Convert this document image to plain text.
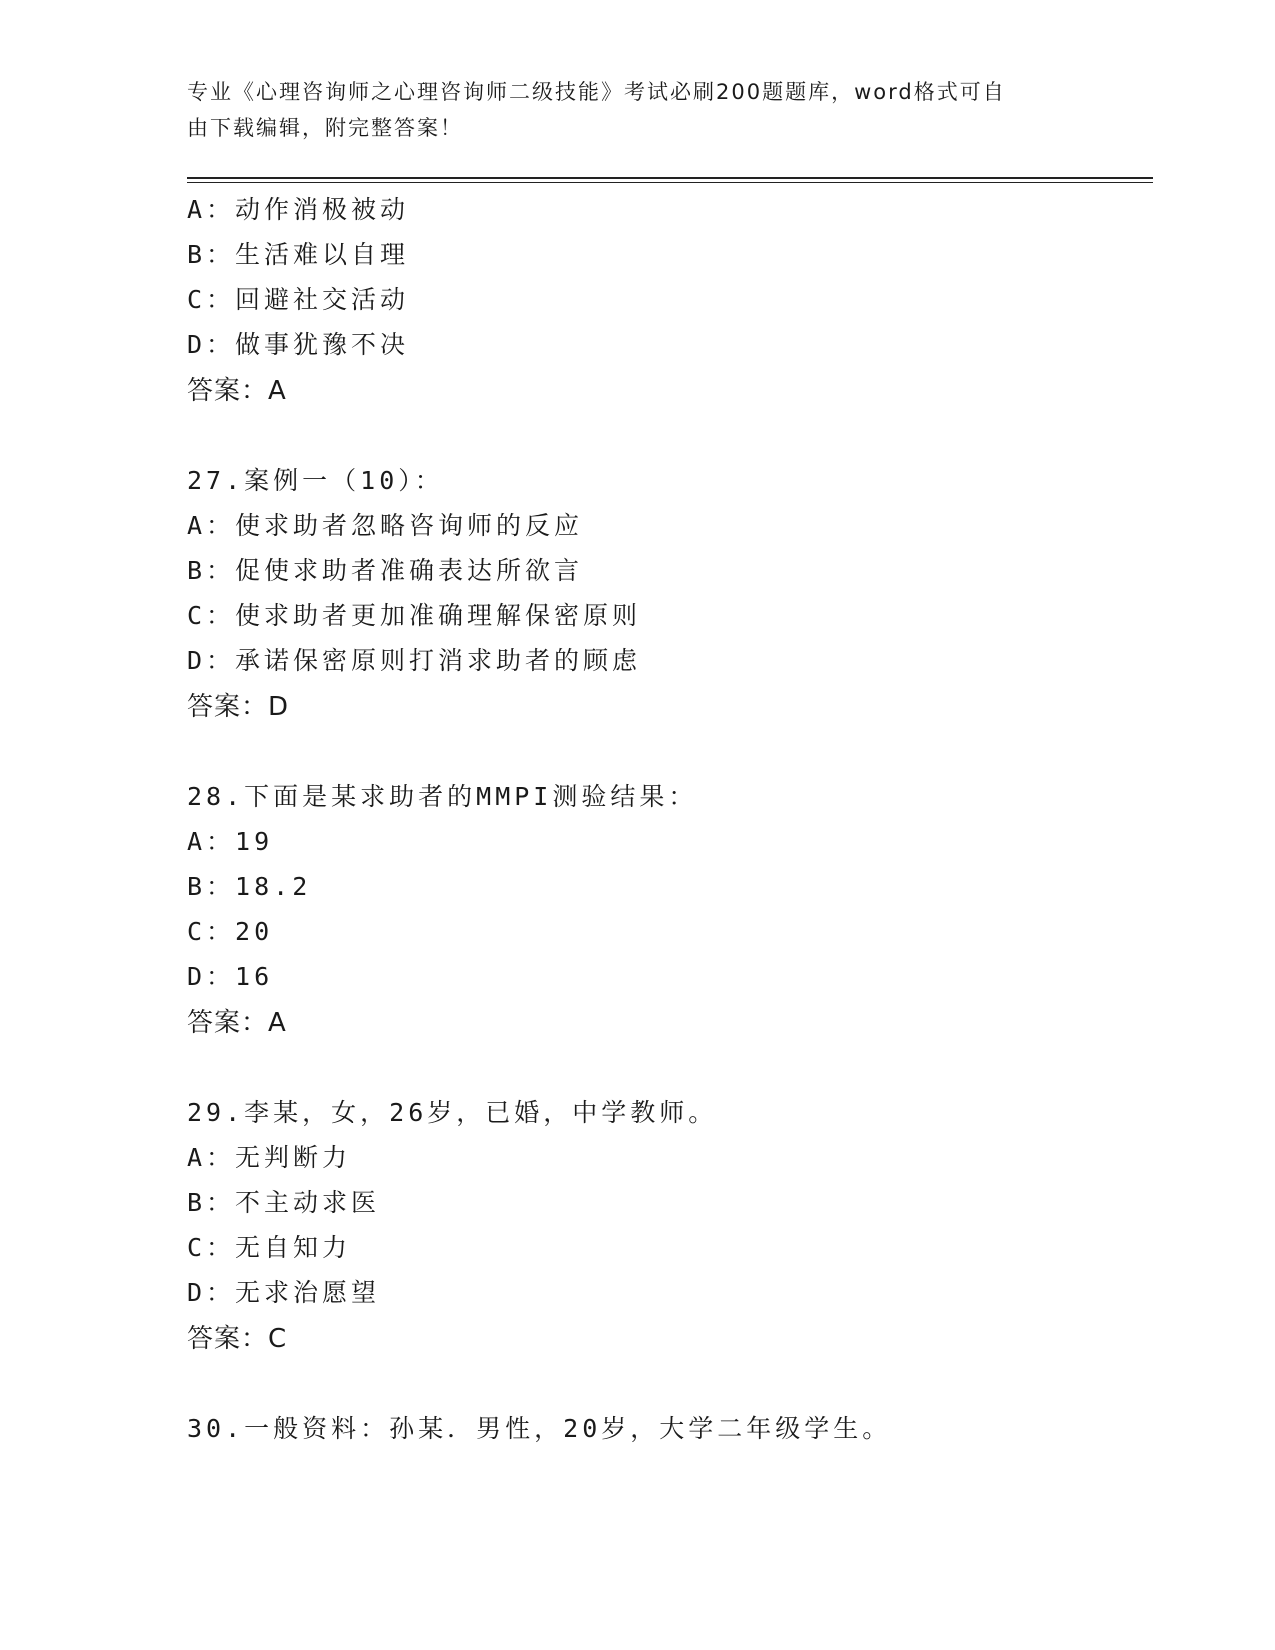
专业《心理咨询师之心理咨询师二级技能》考试必刷200题题库，word格式可自
由下载编辑，附完整答案！
A：动作消极被动
B：生活难以自理
C：回避社交活动
D：做事犹豫不决
答案：A
27.案例一（10）：
A：使求助者忽略咨询师的反应
B：促使求助者准确表达所欲言
C：使求助者更加准确理解保密原则
D：承诺保密原则打消求助者的顾虑
答案：D
28.下面是某求助者的MMPI测验结果：
A：19
B：18.2
C：20
D：16
答案：A
29.李某，女，26岁，已婚，中学教师。
A：无判断力
B：不主动求医
C：无自知力
D：无求治愿望
答案：C
30.一般资料：孙某．男性，20岁，大学二年级学生。
